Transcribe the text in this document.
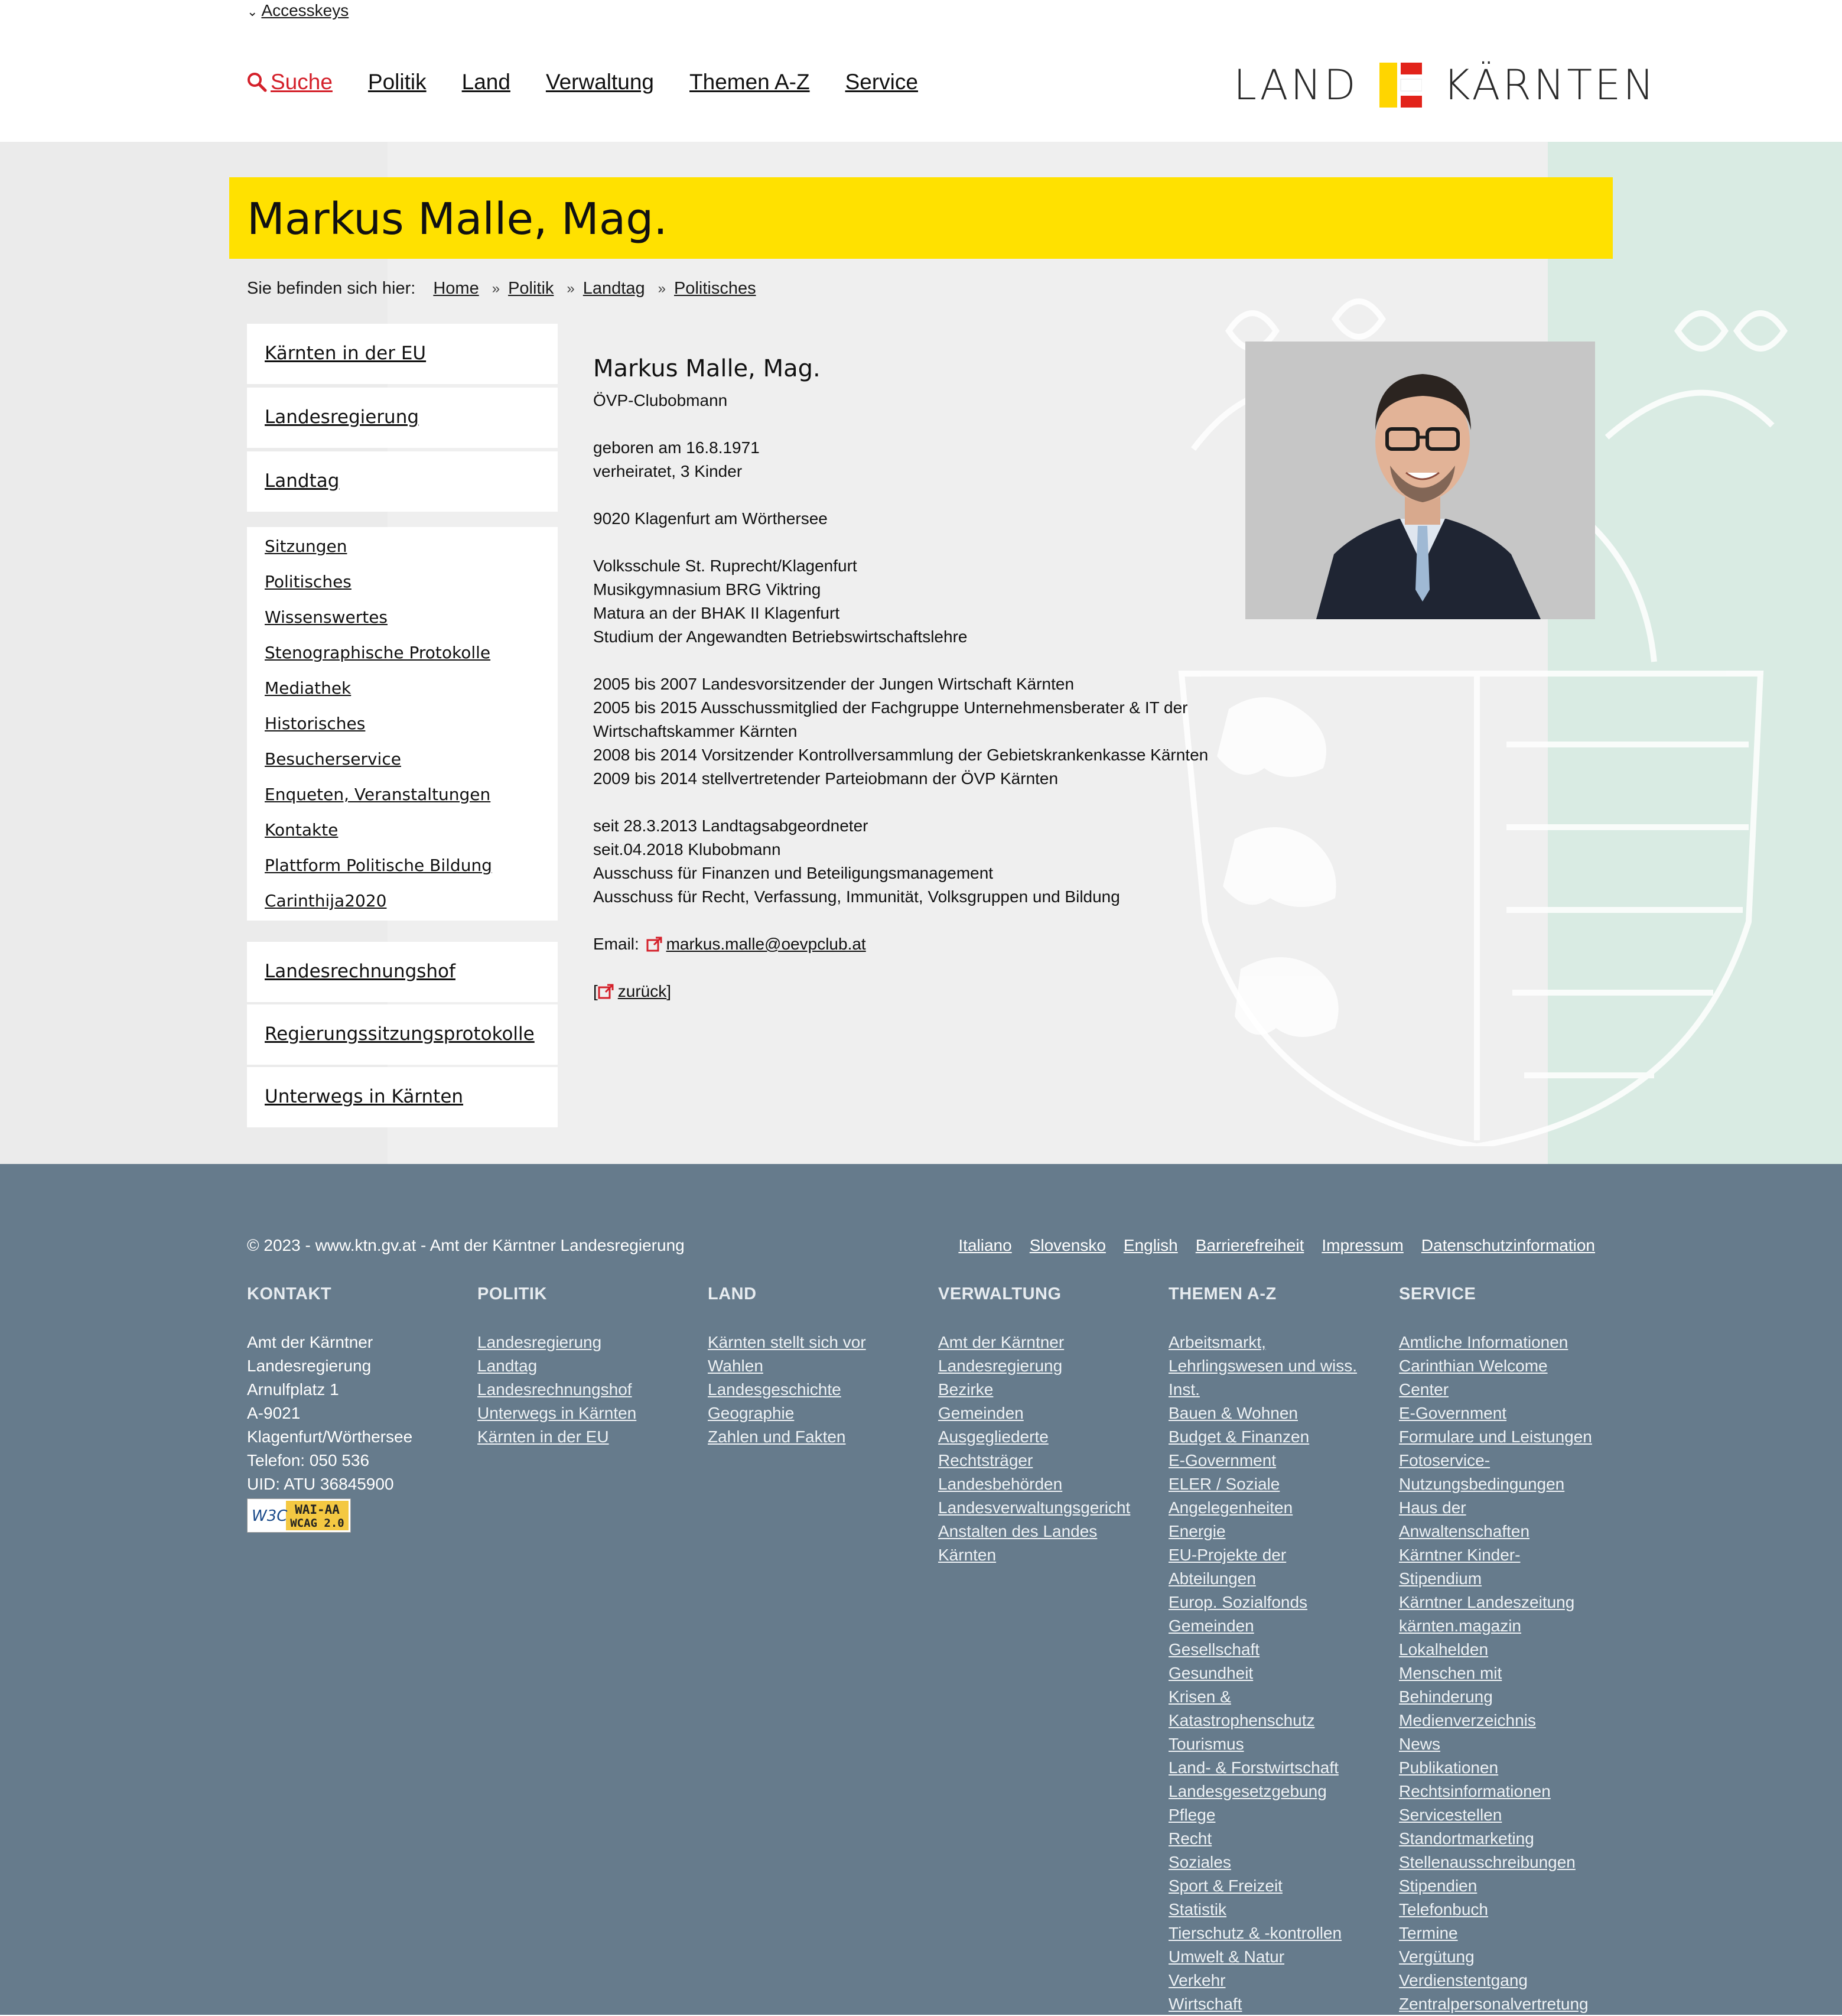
⌄ Accesskeys
Suche Politik Land Verwaltung Themen A-Z Service	LAND KÄRNTEN
Markus Malle, Mag.
Sie befinden sich hier: Home » Politik » Landtag » Politisches
Kärnten in der EU
Landesregierung
Landtag
Sitzungen
Politisches
Wissenswertes
Stenographische Protokolle
Mediathek
Historisches
Besucherservice
Enqueten, Veranstaltungen
Kontakte
Plattform Politische Bildung
Carinthija2020
Landesrechnungshof
Regierungssitzungsprotokolle
Unterwegs in Kärnten
Markus Malle, Mag.

ÖVP-Clubobmann

geboren am 16.8.1971

verheiratet, 3 Kinder

9020 Klagenfurt am Wörthersee

Volksschule St. Ruprecht/Klagenfurt

Musikgymnasium BRG Viktring

Matura an der BHAK II Klagenfurt

Studium der Angewandten Betriebswirtschaftslehre

2005 bis 2007 Landesvorsitzender der Jungen Wirtschaft Kärnten

2005 bis 2015 Ausschussmitglied der Fachgruppe Unternehmensberater & IT der

Wirtschaftskammer Kärnten

2008 bis 2014 Vorsitzender Kontrollversammlung der Gebietskrankenkasse Kärnten

2009 bis 2014 stellvertretender Parteiobmann der ÖVP Kärnten

seit 28.3.2013 Landtagsabgeordneter

seit.04.2018 Klubobmann

Ausschuss für Finanzen und Beteiligungsmanagement

Ausschuss für Recht, Verfassung, Immunität, Volksgruppen und Bildung

Email: markus.malle@oevpclub.at

[ zurück]

© 2023 - www.ktn.gv.at - Amt der Kärntner Landesregierung	Italiano Slovensko English Barrierefreiheit Impressum Datenschutzinformation
KONTAKT
Amt der Kärntner
Landesregierung
Arnulfplatz 1
A-9021
Klagenfurt/Wörthersee
Telefon: 050 536
UID: ATU 36845900
W3C WAI-AA
WCAG 2.0
POLITIK
Landesregierung
Landtag
Landesrechnungshof
Unterwegs in Kärnten
Kärnten in der EU
LAND
Kärnten stellt sich vor
Wahlen
Landesgeschichte
Geographie
Zahlen und Fakten
VERWALTUNG
Amt der Kärntner
Landesregierung
Bezirke
Gemeinden
Ausgegliederte
Rechtsträger
Landesbehörden
Landesverwaltungsgericht
Anstalten des Landes
Kärnten
THEMEN A-Z
Arbeitsmarkt,
Lehrlingswesen und wiss.
Inst.
Bauen & Wohnen
Budget & Finanzen
E-Government
ELER / Soziale
Angelegenheiten
Energie
EU-Projekte der
Abteilungen
Europ. Sozialfonds
Gemeinden
Gesellschaft
Gesundheit
Krisen &
Katastrophenschutz
Tourismus
Land- & Forstwirtschaft
Landesgesetzgebung
Pflege
Recht
Soziales
Sport & Freizeit
Statistik
Tierschutz & -kontrollen
Umwelt & Natur
Verkehr
Wirtschaft
SERVICE
Amtliche Informationen
Carinthian Welcome
Center
E-Government
Formulare und Leistungen
Fotoservice-
Nutzungsbedingungen
Haus der
Anwaltenschaften
Kärntner Kinder-
Stipendium
Kärntner Landeszeitung
kärnten.magazin
Lokalhelden
Menschen mit
Behinderung
Medienverzeichnis
News
Publikationen
Rechtsinformationen
Servicestellen
Standortmarketing
Stellenausschreibungen
Stipendien
Telefonbuch
Termine
Vergütung
Verdienstentgang
Zentralpersonalvertretung
